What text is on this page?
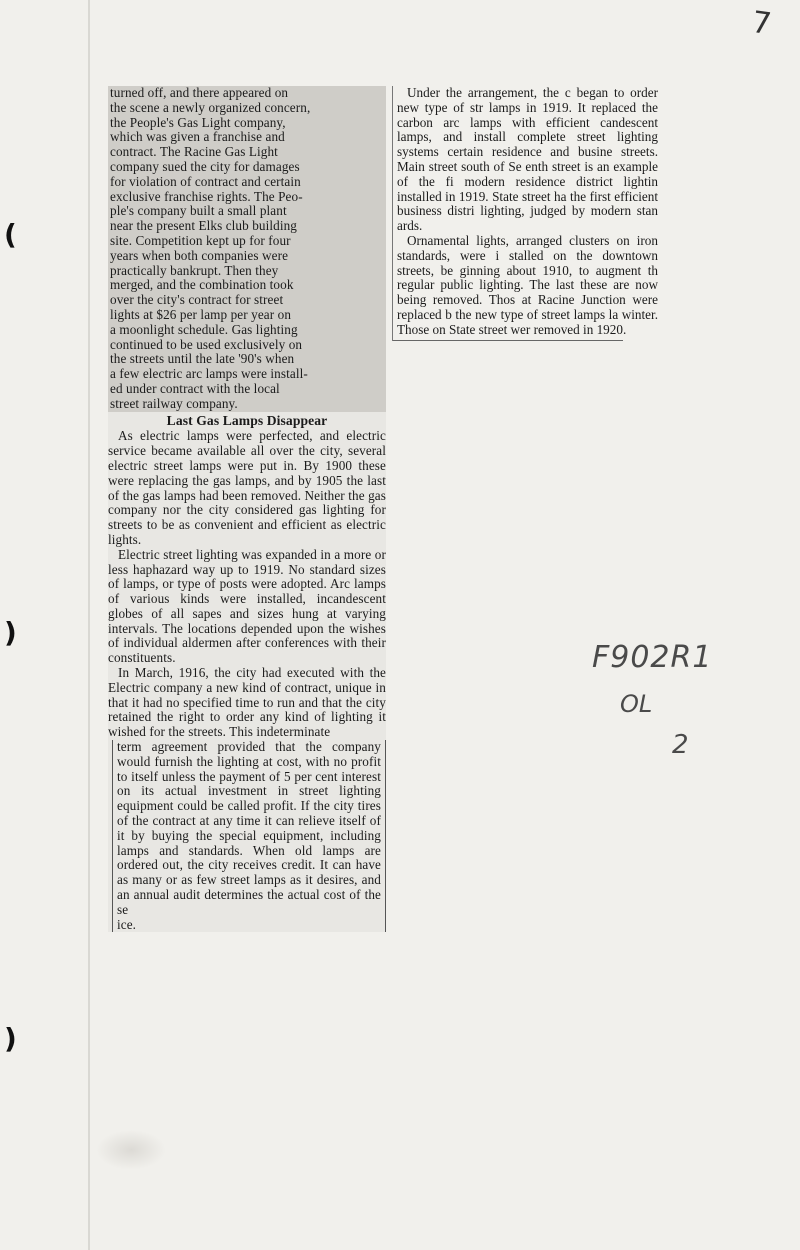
7
(
)
)
turned off, and there appeared on
the scene a newly organized concern,
the People's Gas Light company,
which was given a franchise and
contract. The Racine Gas Light
company sued the city for damages
for violation of contract and certain
exclusive franchise rights. The Peo-
ple's company built a small plant
near the present Elks club building
site. Competition kept up for four
years when both companies were
practically bankrupt. Then they
merged, and the combination took
over the city's contract for street
lights at $26 per lamp per year on
a moonlight schedule. Gas lighting
continued to be used exclusively on
the streets until the late '90's when
a few electric arc lamps were install-
ed under contract with the local
street railway company.
Last Gas Lamps Disappear

As electric lamps were perfected, and electric service became available all over the city, several electric street lamps were put in. By 1900 these were replacing the gas lamps, and by 1905 the last of the gas lamps had been removed. Neither the gas company nor the city considered gas lighting for streets to be as convenient and efficient as electric lights.

Electric street lighting was expanded in a more or less haphazard way up to 1919. No standard sizes of lamps, or type of posts were adopted. Arc lamps of various kinds were installed, incandescent globes of all sapes and sizes hung at varying intervals. The locations depended upon the wishes of individual aldermen after conferences with their constituents.

In March, 1916, the city had executed with the Electric company a new kind of contract, unique in that it had no specified time to run and that the city retained the right to order any kind of lighting it wished for the streets. This indeterminate

term agreement provided that the company would furnish the lighting at cost, with no profit to itself unless the payment of 5 per cent interest on its actual investment in street lighting equipment could be called profit. If the city tires of the contract at any time it can relieve itself of it by buying the special equipment, including lamps and standards. When old lamps are ordered out, the city receives credit. It can have as many or as few street lamps as it desires, and an annual audit determines the actual cost of the se

ice.

Under the arrangement, the c began to order new type of str lamps in 1919. It replaced the carbon arc lamps with efficient candescent lamps, and install complete street lighting systems certain residence and busine streets. Main street south of Se enth street is an example of the fi modern residence district lightin installed in 1919. State street ha the first efficient business distri lighting, judged by modern stan ards.

Ornamental lights, arranged clusters on iron standards, were i stalled on the downtown streets, be ginning about 1910, to augment th regular public lighting. The last these are now being removed. Thos at Racine Junction were replaced b the new type of street lamps la winter. Those on State street wer removed in 1920.

F902R1
OL
2
